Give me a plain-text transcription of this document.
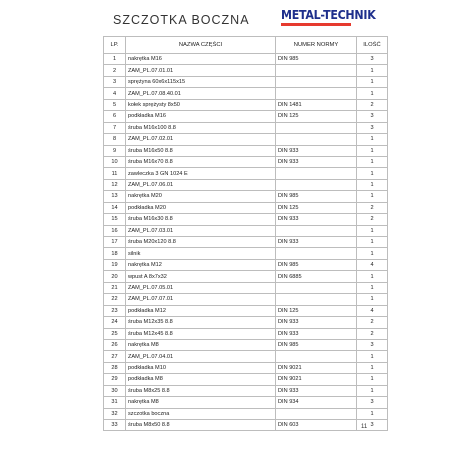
SZCZOTKA BOCZNA	METAL-TECHNIK
LP.	NAZWA CZĘŚCI	NUMER NORMY	ILOŚĆ
1	nakrętka M16	DIN 985	3
2	ZAM_PL.07.01.01		1
3	sprężyna 60x6x115x15		1
4	ZAM_PL.07.08.40.01		1
5	kołek sprężysty 8x50	DIN 1481	2
6	podkładka M16	DIN 125	3
7	śruba M16x100 8.8		3
8	ZAM_PL.07.02.01		1
9	śruba M16x50 8.8	DIN 933	1
10	śruba M16x70 8.8	DIN 933	1
11	zawleczka 3 GN 1024 E		1
12	ZAM_PL.07.06.01		1
13	nakrętka M20	DIN 985	1
14	podkładka M20	DIN 125	2
15	śruba M16x30 8.8	DIN 933	2
16	ZAM_PL.07.03.01		1
17	śruba M20x120 8.8	DIN 933	1
18	silnik		1
19	nakrętka M12	DIN 985	4
20	wpust A 8x7x32	DIN 6885	1
21	ZAM_PL.07.05.01		1
22	ZAM_PL.07.07.01		1
23	podkładka M12	DIN 125	4
24	śruba M12x35 8.8	DIN 933	2
25	śruba M12x45 8.8	DIN 933	2
26	nakrętka M8	DIN 985	3
27	ZAM_PL.07.04.01		1
28	podkładka M10	DIN 9021	1
29	podkładka M8	DIN 9021	1
30	śruba M8x25 8.8	DIN 933	1
31	nakrętka M8	DIN 934	3
32	szczotka boczna		1
33	śruba M8x50 8.8	DIN 603	3
11
